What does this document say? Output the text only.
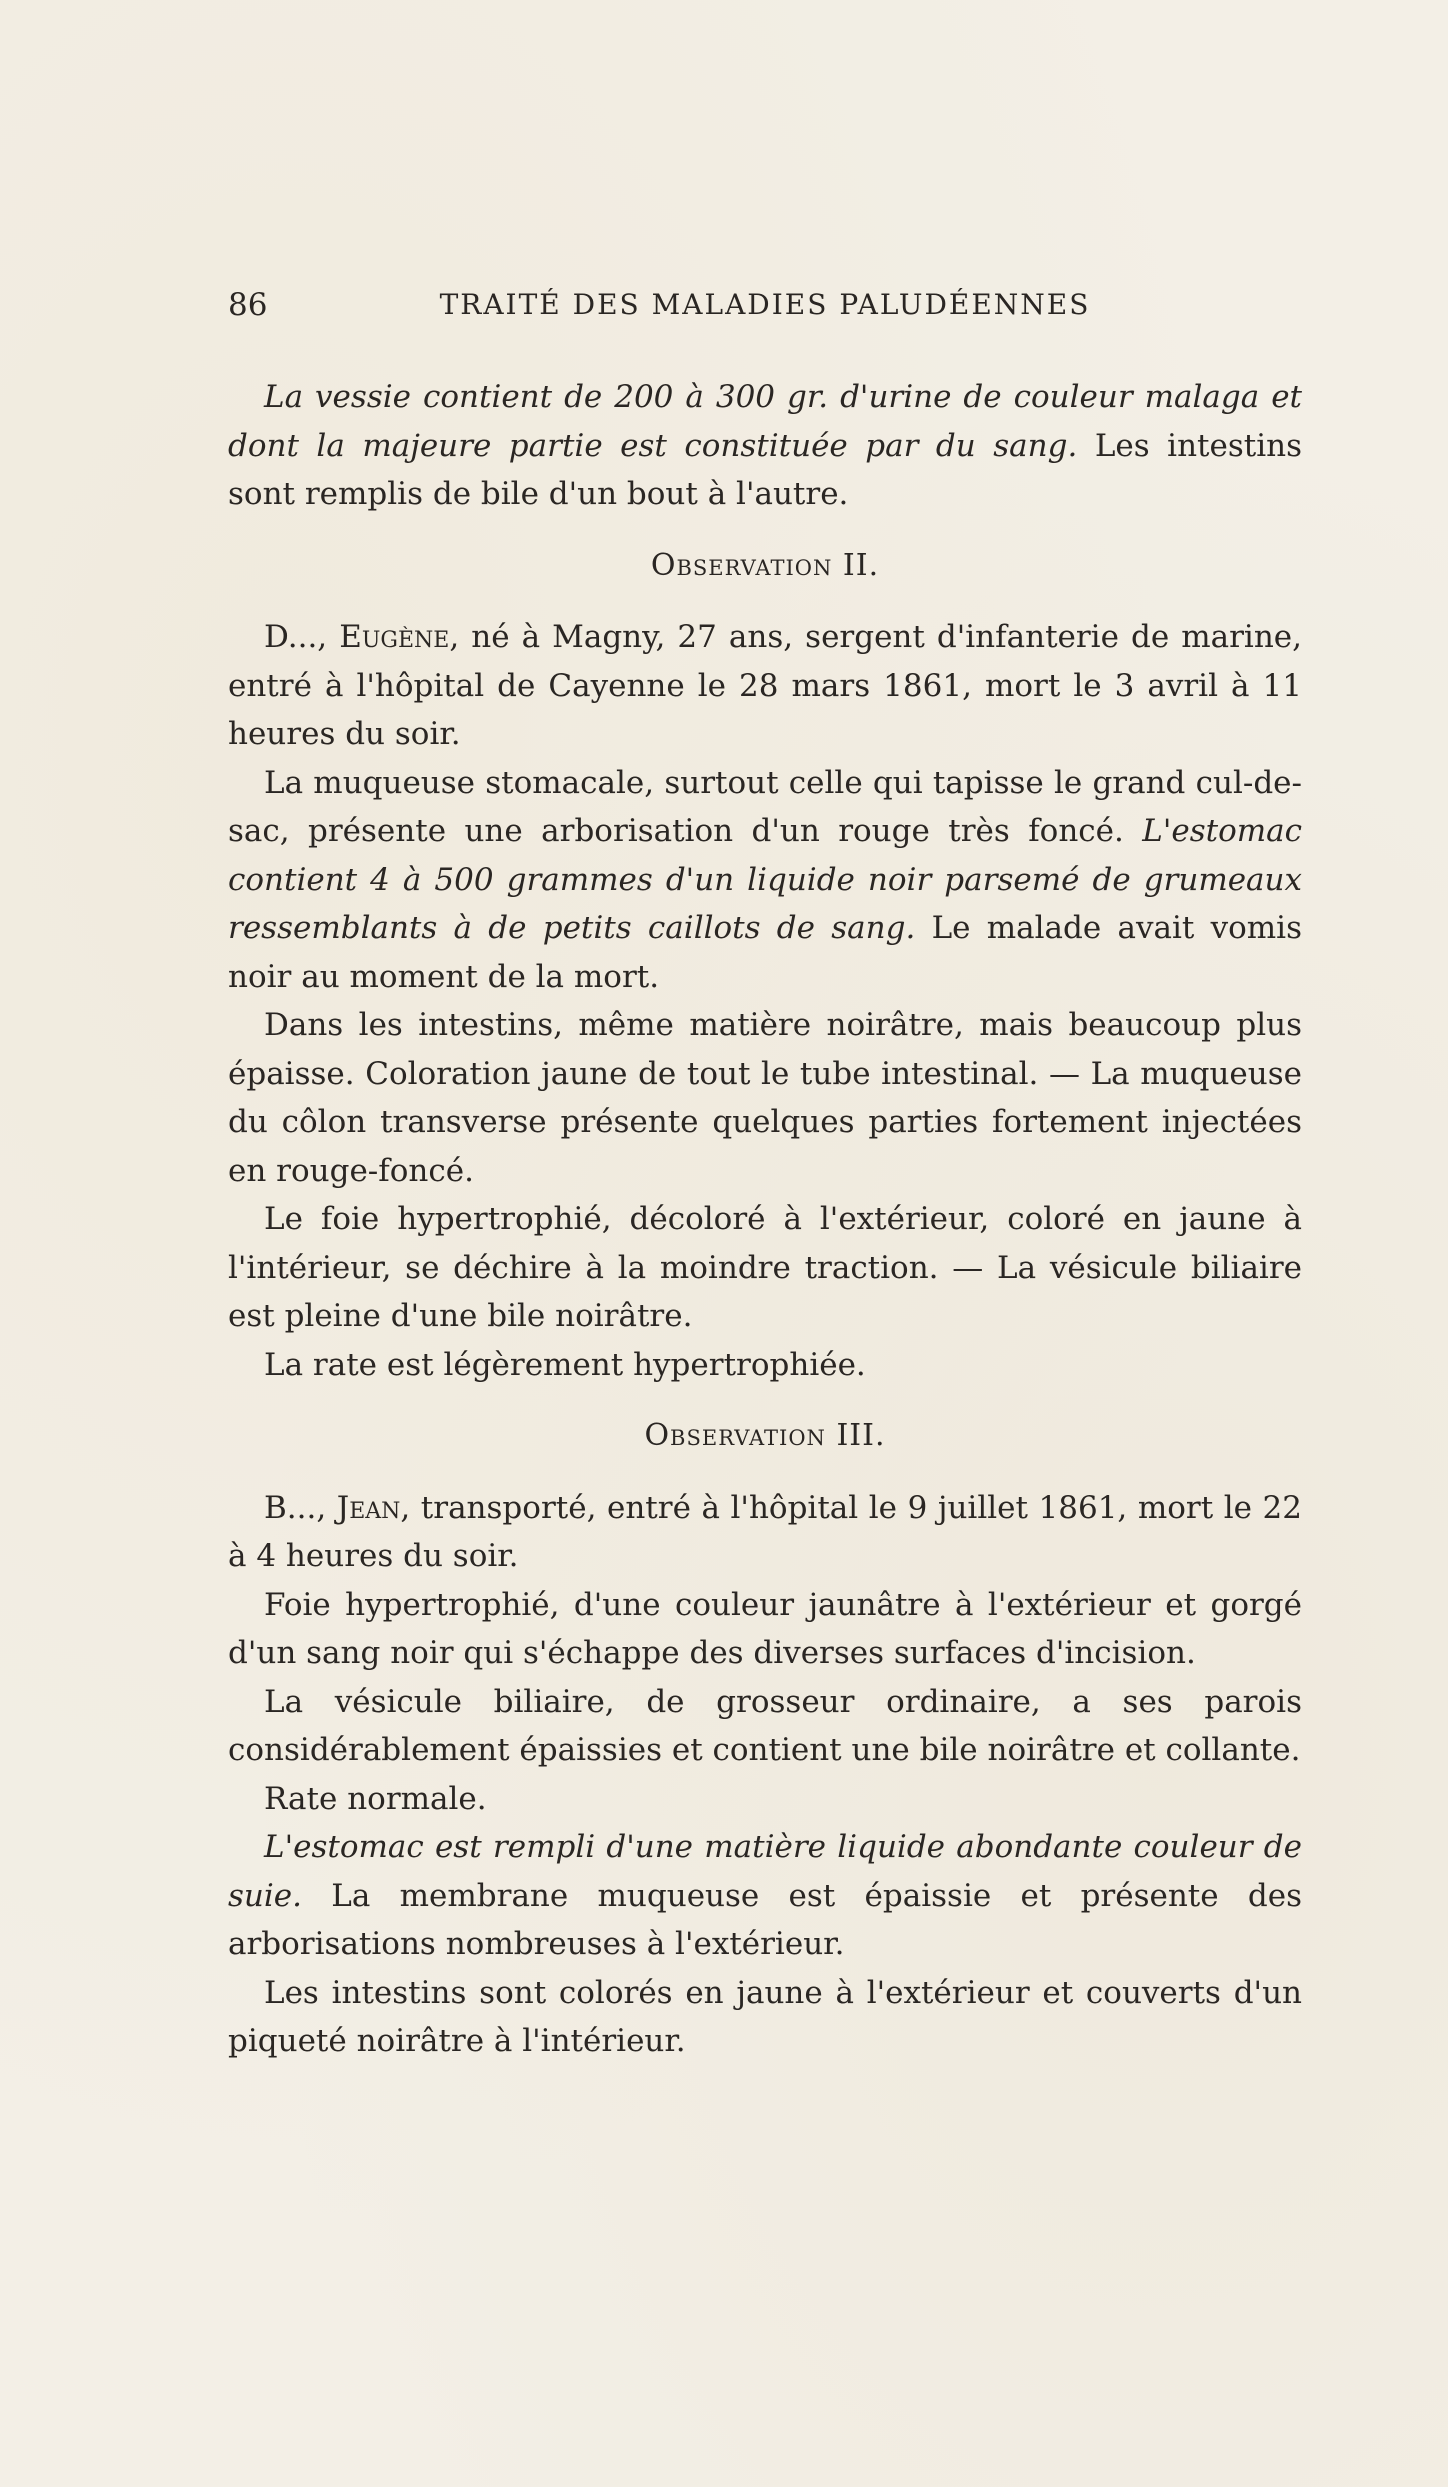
86	TRAITÉ DES MALADIES PALUDÉENNES

La vessie contient de 200 à 300 gr. d'urine de couleur malaga et dont la majeure partie est constituée par du sang. Les intestins sont remplis de bile d'un bout à l'autre.

Observation II.

D..., Eugène, né à Magny, 27 ans, sergent d'infanterie de marine, entré à l'hôpital de Cayenne le 28 mars 1861, mort le 3 avril à 11 heures du soir.

La muqueuse stomacale, surtout celle qui tapisse le grand cul-de-sac, présente une arborisation d'un rouge très foncé. L'estomac contient 4 à 500 grammes d'un liquide noir parsemé de grumeaux ressemblants à de petits caillots de sang. Le malade avait vomis noir au moment de la mort.

Dans les intestins, même matière noirâtre, mais beaucoup plus épaisse. Coloration jaune de tout le tube intestinal. — La muqueuse du côlon transverse présente quelques parties fortement injectées en rouge-foncé.

Le foie hypertrophié, décoloré à l'extérieur, coloré en jaune à l'intérieur, se déchire à la moindre traction. — La vésicule biliaire est pleine d'une bile noirâtre.

La rate est légèrement hypertrophiée.

Observation III.

B..., Jean, transporté, entré à l'hôpital le 9 juillet 1861, mort le 22 à 4 heures du soir.

Foie hypertrophié, d'une couleur jaunâtre à l'extérieur et gorgé d'un sang noir qui s'échappe des diverses surfaces d'incision.

La vésicule biliaire, de grosseur ordinaire, a ses parois considérablement épaissies et contient une bile noirâtre et collante.

Rate normale.

L'estomac est rempli d'une matière liquide abondante couleur de suie. La membrane muqueuse est épaissie et présente des arborisations nombreuses à l'extérieur.

Les intestins sont colorés en jaune à l'extérieur et couverts d'un piqueté noirâtre à l'intérieur.
